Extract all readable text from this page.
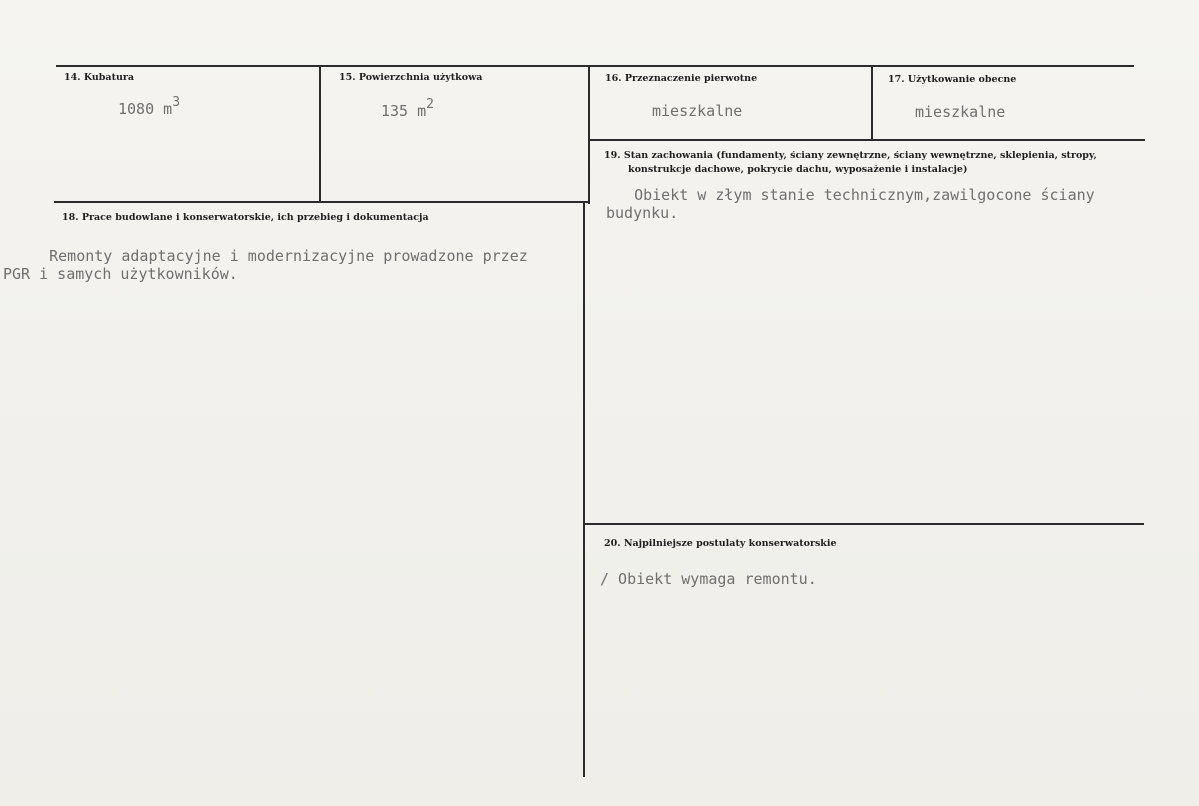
14. Kubatura
1080 m3
15. Powierzchnia użytkowa
135 m2
16. Przeznaczenie pierwotne
mieszkalne
17. Użytkowanie obecne
mieszkalne
18. Prace budowlane i konserwatorskie, ich przebieg i dokumentacja
Remonty adaptacyjne i modernizacyjne prowadzone przez
PGR i samych użytkowników.
19. Stan zachowania (fundamenty, ściany zewnętrzne, ściany wewnętrzne, sklepienia, stropy,
konstrukcje dachowe, pokrycie dachu, wyposażenie i instalacje)
Obiekt w złym stanie technicznym,zawilgocone ściany
budynku.
20. Najpilniejsze postulaty konserwatorskie
/ Obiekt wymaga remontu.
